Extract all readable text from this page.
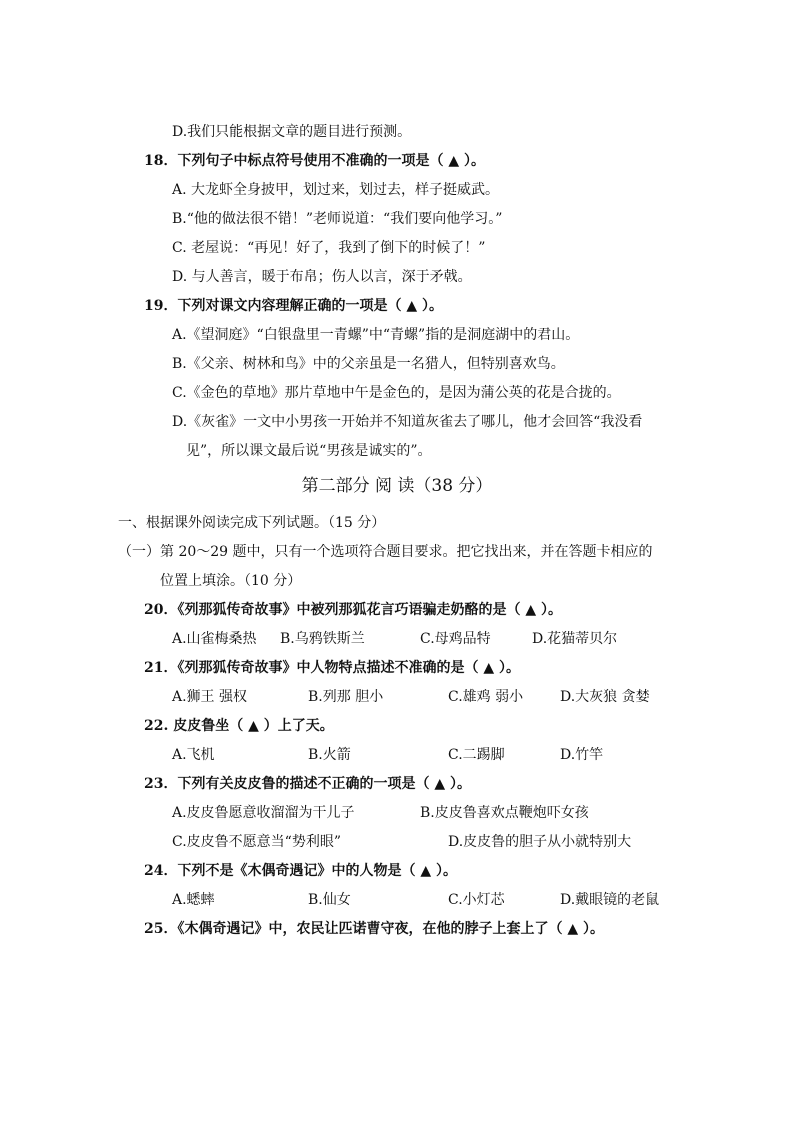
D.我们只能根据文章的题目进行预测。
18．下列句子中标点符号使用不准确的一项是（ ▲ ）。
A. 大龙虾全身披甲，划过来，划过去，样子挺威武。
B.“他的做法很不错！”老师说道：“我们要向他学习。”
C. 老屋说：“再见！好了，我到了倒下的时候了！”
D. 与人善言，暖于布帛；伤人以言，深于矛戟。
19．下列对课文内容理解正确的一项是（ ▲ ）。
A.《望洞庭》“白银盘里一青螺”中“青螺”指的是洞庭湖中的君山。
B.《父亲、树林和鸟》中的父亲虽是一名猎人，但特别喜欢鸟。
C.《金色的草地》那片草地中午是金色的，是因为蒲公英的花是合拢的。
D.《灰雀》一文中小男孩一开始并不知道灰雀去了哪儿，他才会回答“我没看
见”，所以课文最后说“男孩是诚实的”。
第二部分 阅 读（38 分）
一、根据课外阅读完成下列试题。（15 分）
（一）第 20～29 题中，只有一个选项符合题目要求。把它找出来，并在答题卡相应的
位置上填涂。（10 分）
20．《列那狐传奇故事》中被列那狐花言巧语骗走奶酪的是（ ▲ ）。
A.山雀梅桑热 B.乌鸦铁斯兰	C.母鸡品特	D.花猫蒂贝尔
21．《列那狐传奇故事》中人物特点描述不准确的是（ ▲ ）。
A.狮王 强权	B.列那 胆小	C.雄鸡 弱小	D.大灰狼 贪婪
22. 皮皮鲁坐（ ▲ ）上了天。
A.飞机	B.火箭	C.二踢脚	D.竹竿
23．下列有关皮皮鲁的描述不正确的一项是（ ▲ ）。
A.皮皮鲁愿意收溜溜为干儿子	B.皮皮鲁喜欢点鞭炮吓女孩
C.皮皮鲁不愿意当“势利眼”	D.皮皮鲁的胆子从小就特别大
24．下列不是《木偶奇遇记》中的人物是（ ▲ ）。
A.蟋蟀	B.仙女	C.小灯芯	D.戴眼镜的老鼠
25．《木偶奇遇记》中，农民让匹诺曹守夜，在他的脖子上套上了（ ▲ ）。
